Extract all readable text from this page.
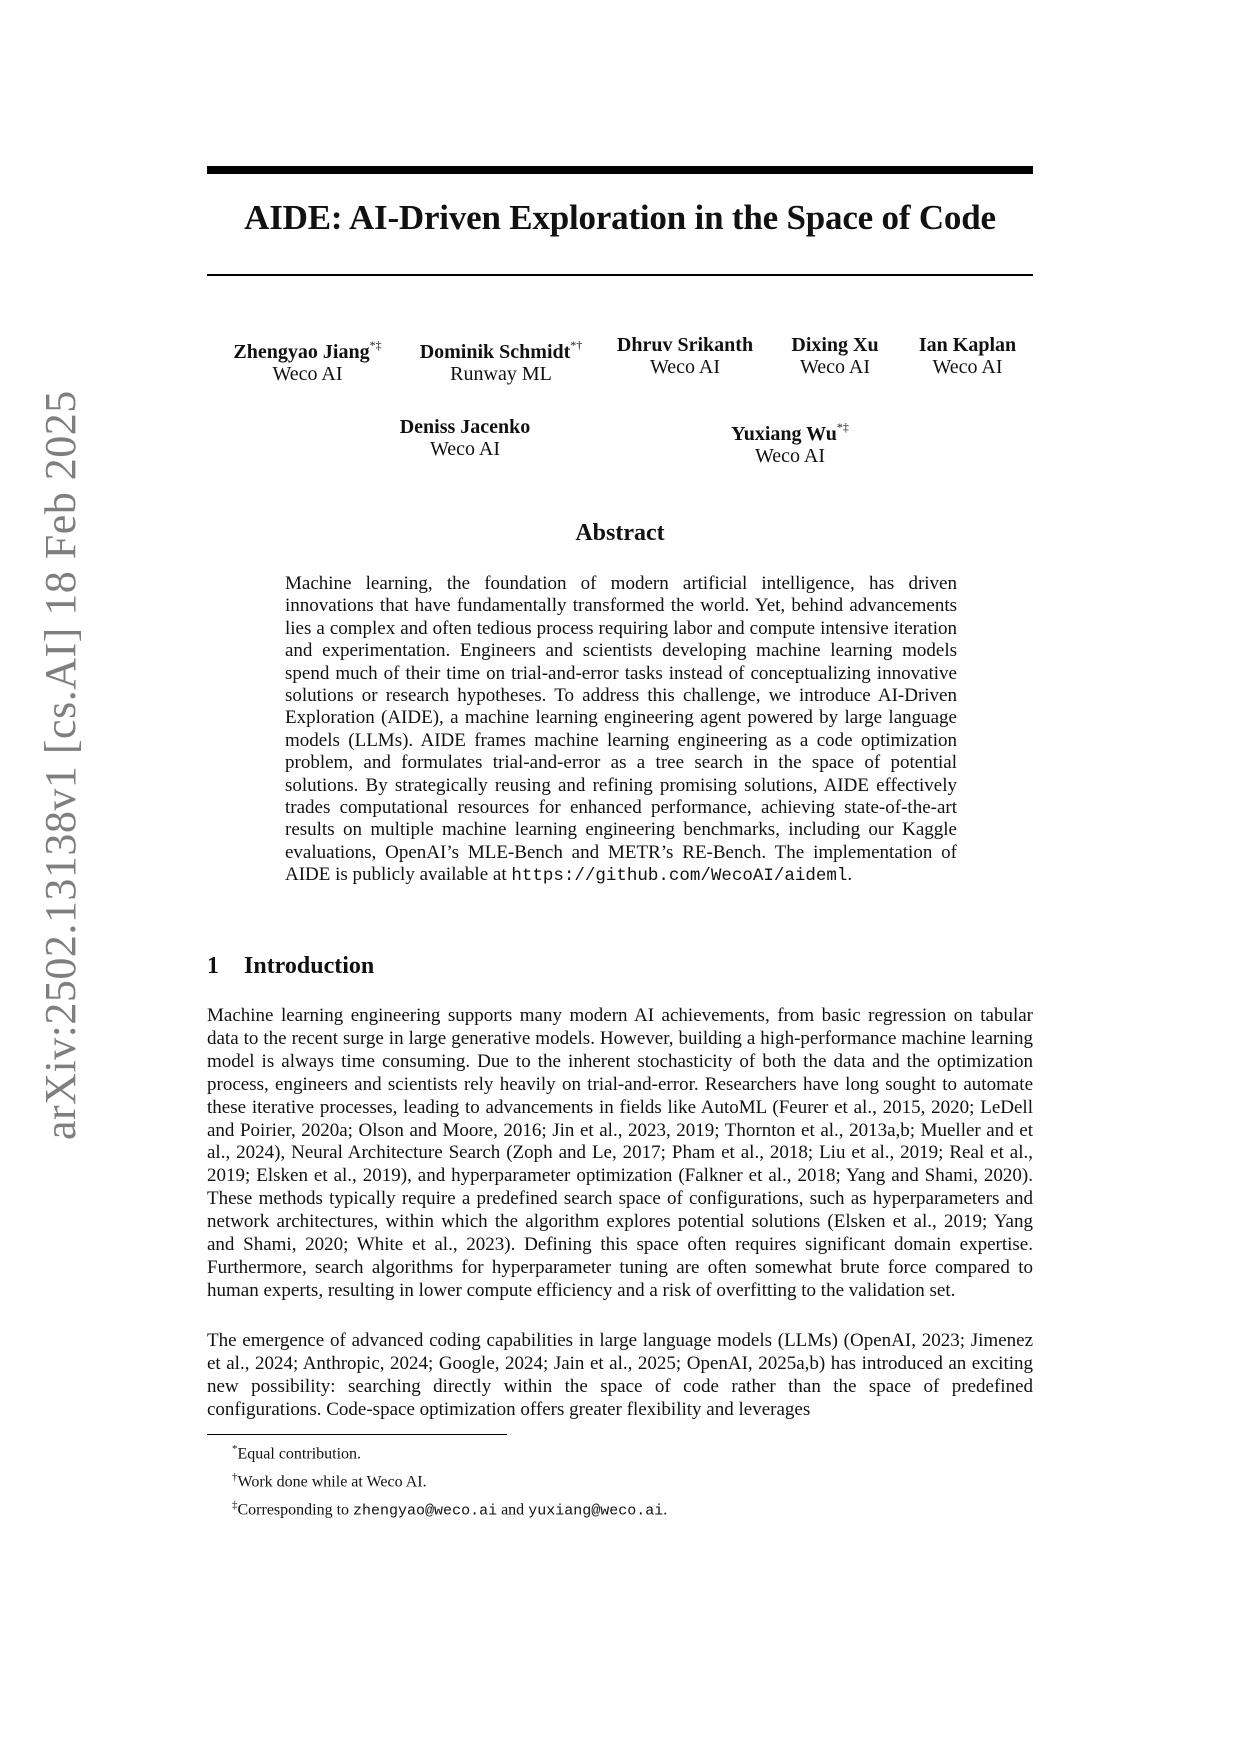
arXiv:2502.13138v1 [cs.AI] 18 Feb 2025
AIDE: AI-Driven Exploration in the Space of Code
Zhengyao Jiang*‡
Weco AI
Dominik Schmidt*†
Runway ML
Dhruv Srikanth
Weco AI
Dixing Xu
Weco AI
Ian Kaplan
Weco AI
Deniss Jacenko
Weco AI
Yuxiang Wu*‡
Weco AI
Abstract
Machine learning, the foundation of modern artificial intelligence, has driven innovations that have fundamentally transformed the world. Yet, behind advancements lies a complex and often tedious process requiring labor and compute intensive iteration and experimentation. Engineers and scientists developing machine learning models spend much of their time on trial-and-error tasks instead of conceptualizing innovative solutions or research hypotheses. To address this challenge, we introduce AI-Driven Exploration (AIDE), a machine learning engineering agent powered by large language models (LLMs). AIDE frames machine learning engineering as a code optimization problem, and formulates trial-and-error as a tree search in the space of potential solutions. By strategically reusing and refining promising solutions, AIDE effectively trades computational resources for enhanced performance, achieving state-of-the-art results on multiple machine learning engineering benchmarks, including our Kaggle evaluations, OpenAI’s MLE-Bench and METR’s RE-Bench. The implementation of AIDE is publicly available at https://github.com/WecoAI/aideml.
1 Introduction
Machine learning engineering supports many modern AI achievements, from basic regression on tabular data to the recent surge in large generative models. However, building a high-performance machine learning model is always time consuming. Due to the inherent stochasticity of both the data and the optimization process, engineers and scientists rely heavily on trial-and-error. Researchers have long sought to automate these iterative processes, leading to advancements in fields like AutoML (Feurer et al., 2015, 2020; LeDell and Poirier, 2020a; Olson and Moore, 2016; Jin et al., 2023, 2019; Thornton et al., 2013a,b; Mueller and et al., 2024), Neural Architecture Search (Zoph and Le, 2017; Pham et al., 2018; Liu et al., 2019; Real et al., 2019; Elsken et al., 2019), and hyperparameter optimization (Falkner et al., 2018; Yang and Shami, 2020). These methods typically require a predefined search space of configurations, such as hyperparameters and network architectures, within which the algorithm explores potential solutions (Elsken et al., 2019; Yang and Shami, 2020; White et al., 2023). Defining this space often requires significant domain expertise. Furthermore, search algorithms for hyperparameter tuning are often somewhat brute force compared to human experts, resulting in lower compute efficiency and a risk of overfitting to the validation set.
The emergence of advanced coding capabilities in large language models (LLMs) (OpenAI, 2023; Jimenez et al., 2024; Anthropic, 2024; Google, 2024; Jain et al., 2025; OpenAI, 2025a,b) has introduced an exciting new possibility: searching directly within the space of code rather than the space of predefined configurations. Code-space optimization offers greater flexibility and leverages
*Equal contribution.
†Work done while at Weco AI.
‡Corresponding to zhengyao@weco.ai and yuxiang@weco.ai.
